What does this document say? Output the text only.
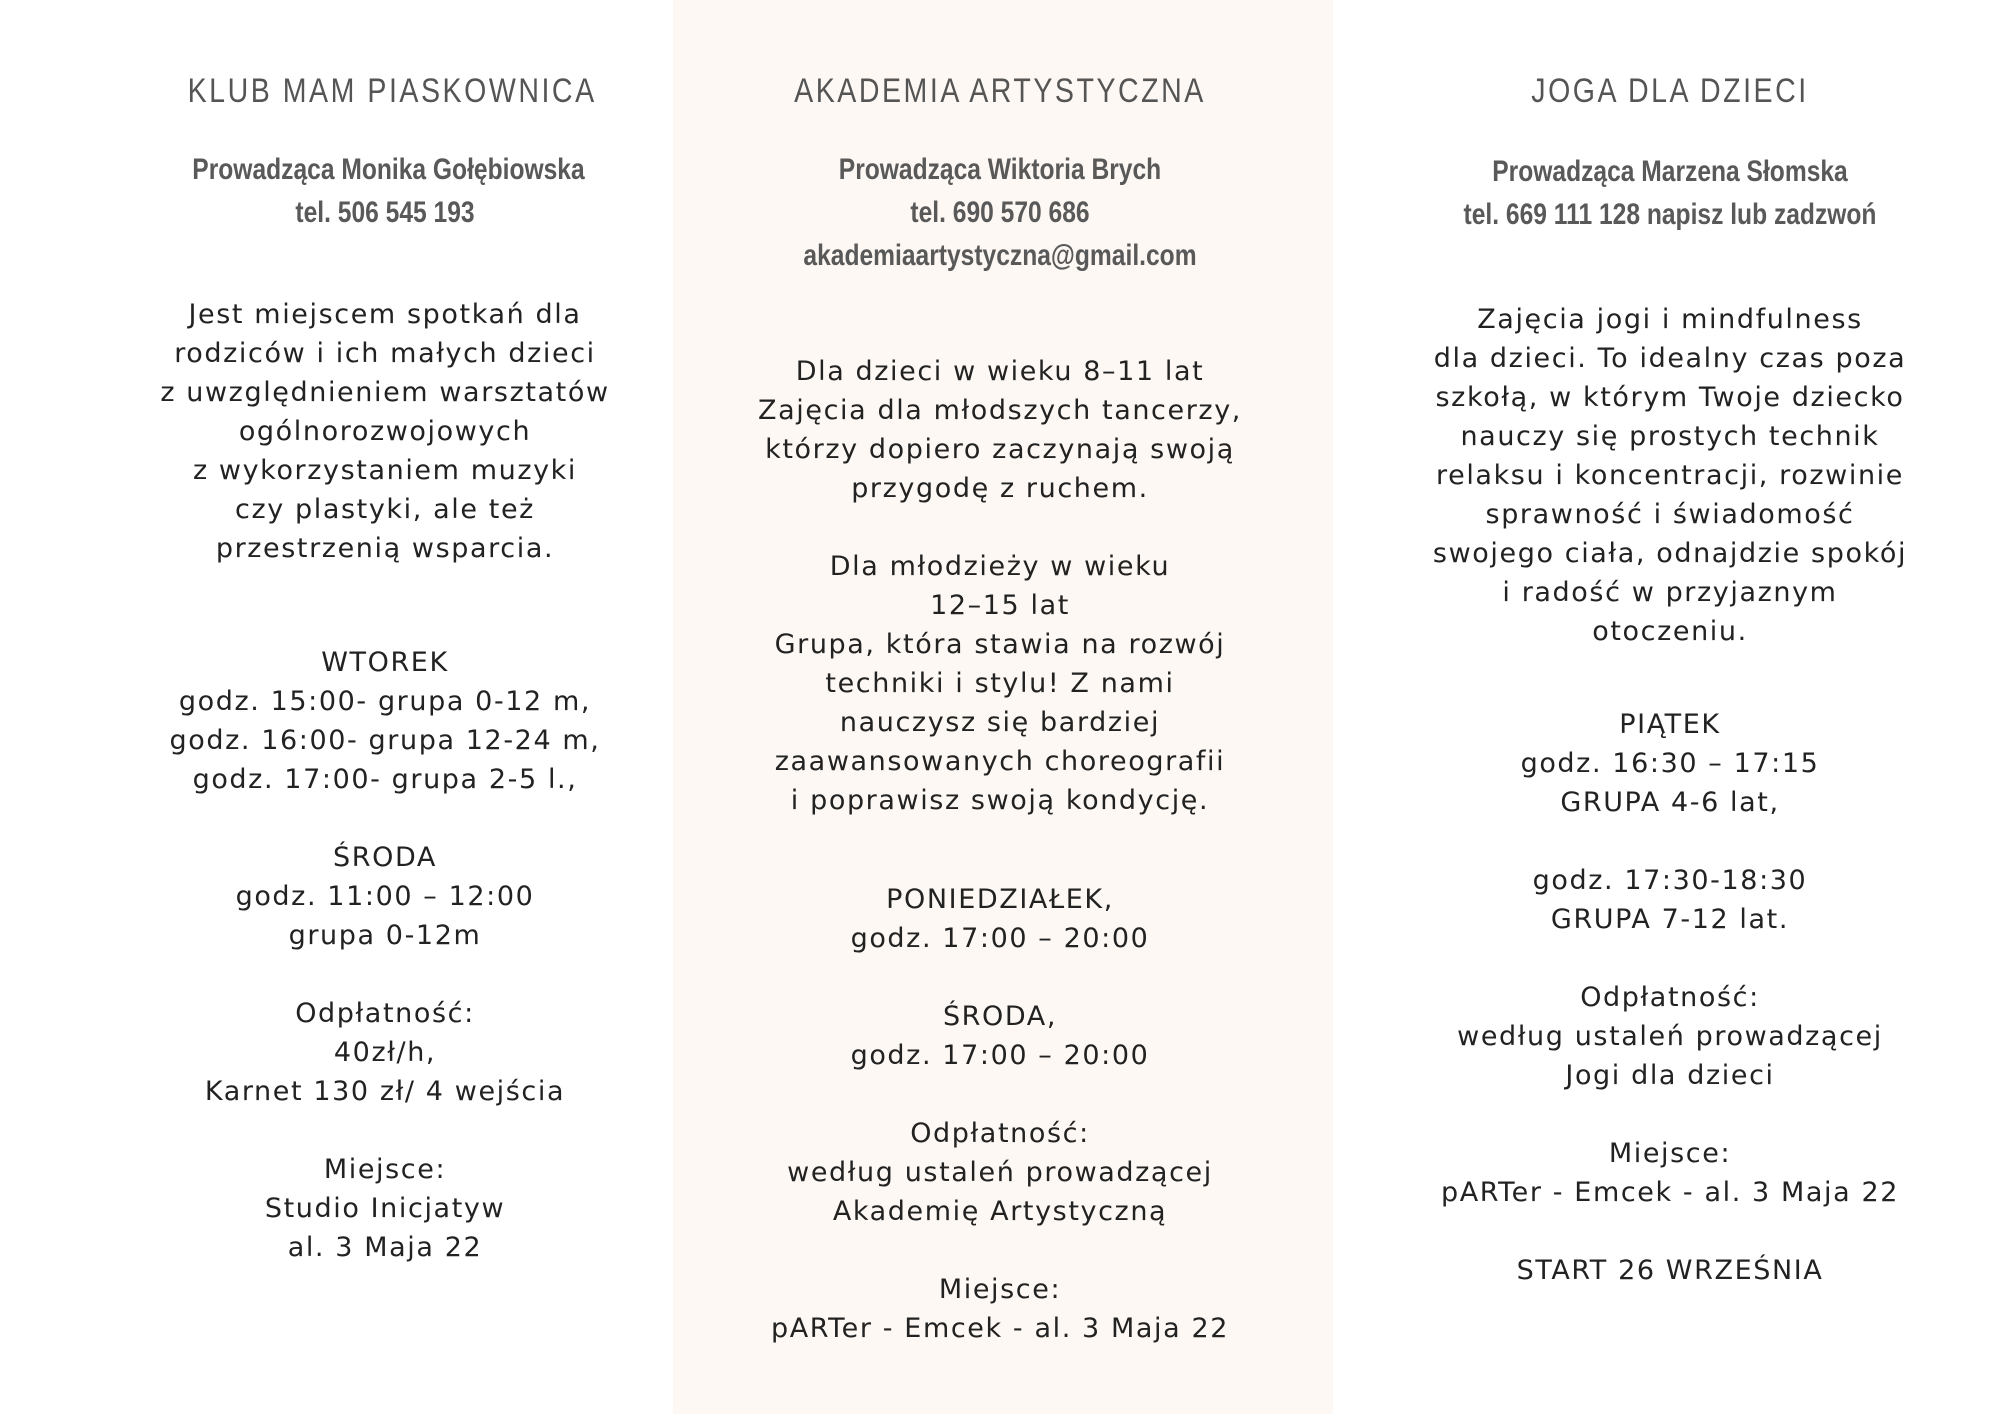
KLUB MAM PIASKOWNICA
Prowadząca Monika Gołębiowska
tel. 506 545 193
Jest miejscem spotkań dla
rodziców i ich małych dzieci
z uwzględnieniem warsztatów
ogólnorozwojowych
z wykorzystaniem muzyki
czy plastyki, ale też
przestrzenią wsparcia.
WTOREK
godz. 15:00- grupa 0-12 m,
godz. 16:00- grupa 12-24 m,
godz. 17:00- grupa 2-5 l.,
ŚRODA
godz. 11:00 – 12:00
grupa 0-12m
Odpłatność:
40zł/h,
Karnet 130 zł/ 4 wejścia
Miejsce:
Studio Inicjatyw
al. 3 Maja 22
AKADEMIA ARTYSTYCZNA
Prowadząca Wiktoria Brych
tel. 690 570 686
akademiaartystyczna@gmail.com
Dla dzieci w wieku 8–11 lat
Zajęcia dla młodszych tancerzy,
którzy dopiero zaczynają swoją
przygodę z ruchem.
Dla młodzieży w wieku
12–15 lat
Grupa, która stawia na rozwój
techniki i stylu! Z nami
nauczysz się bardziej
zaawansowanych choreografii
i poprawisz swoją kondycję.
PONIEDZIAŁEK,
godz. 17:00 – 20:00
ŚRODA,
godz. 17:00 – 20:00
Odpłatność:
według ustaleń prowadzącej
Akademię Artystyczną
Miejsce:
pARTer - Emcek - al. 3 Maja 22
JOGA DLA DZIECI
Prowadząca Marzena Słomska
tel. 669 111 128 napisz lub zadzwoń
Zajęcia jogi i mindfulness
dla dzieci. To idealny czas poza
szkołą, w którym Twoje dziecko
nauczy się prostych technik
relaksu i koncentracji, rozwinie
sprawność i świadomość
swojego ciała, odnajdzie spokój
i radość w przyjaznym
otoczeniu.
PIĄTEK
godz. 16:30 – 17:15
GRUPA 4-6 lat,
godz. 17:30-18:30
GRUPA 7-12 lat.
Odpłatność:
według ustaleń prowadzącej
Jogi dla dzieci
Miejsce:
pARTer - Emcek - al. 3 Maja 22
START 26 WRZEŚNIA
